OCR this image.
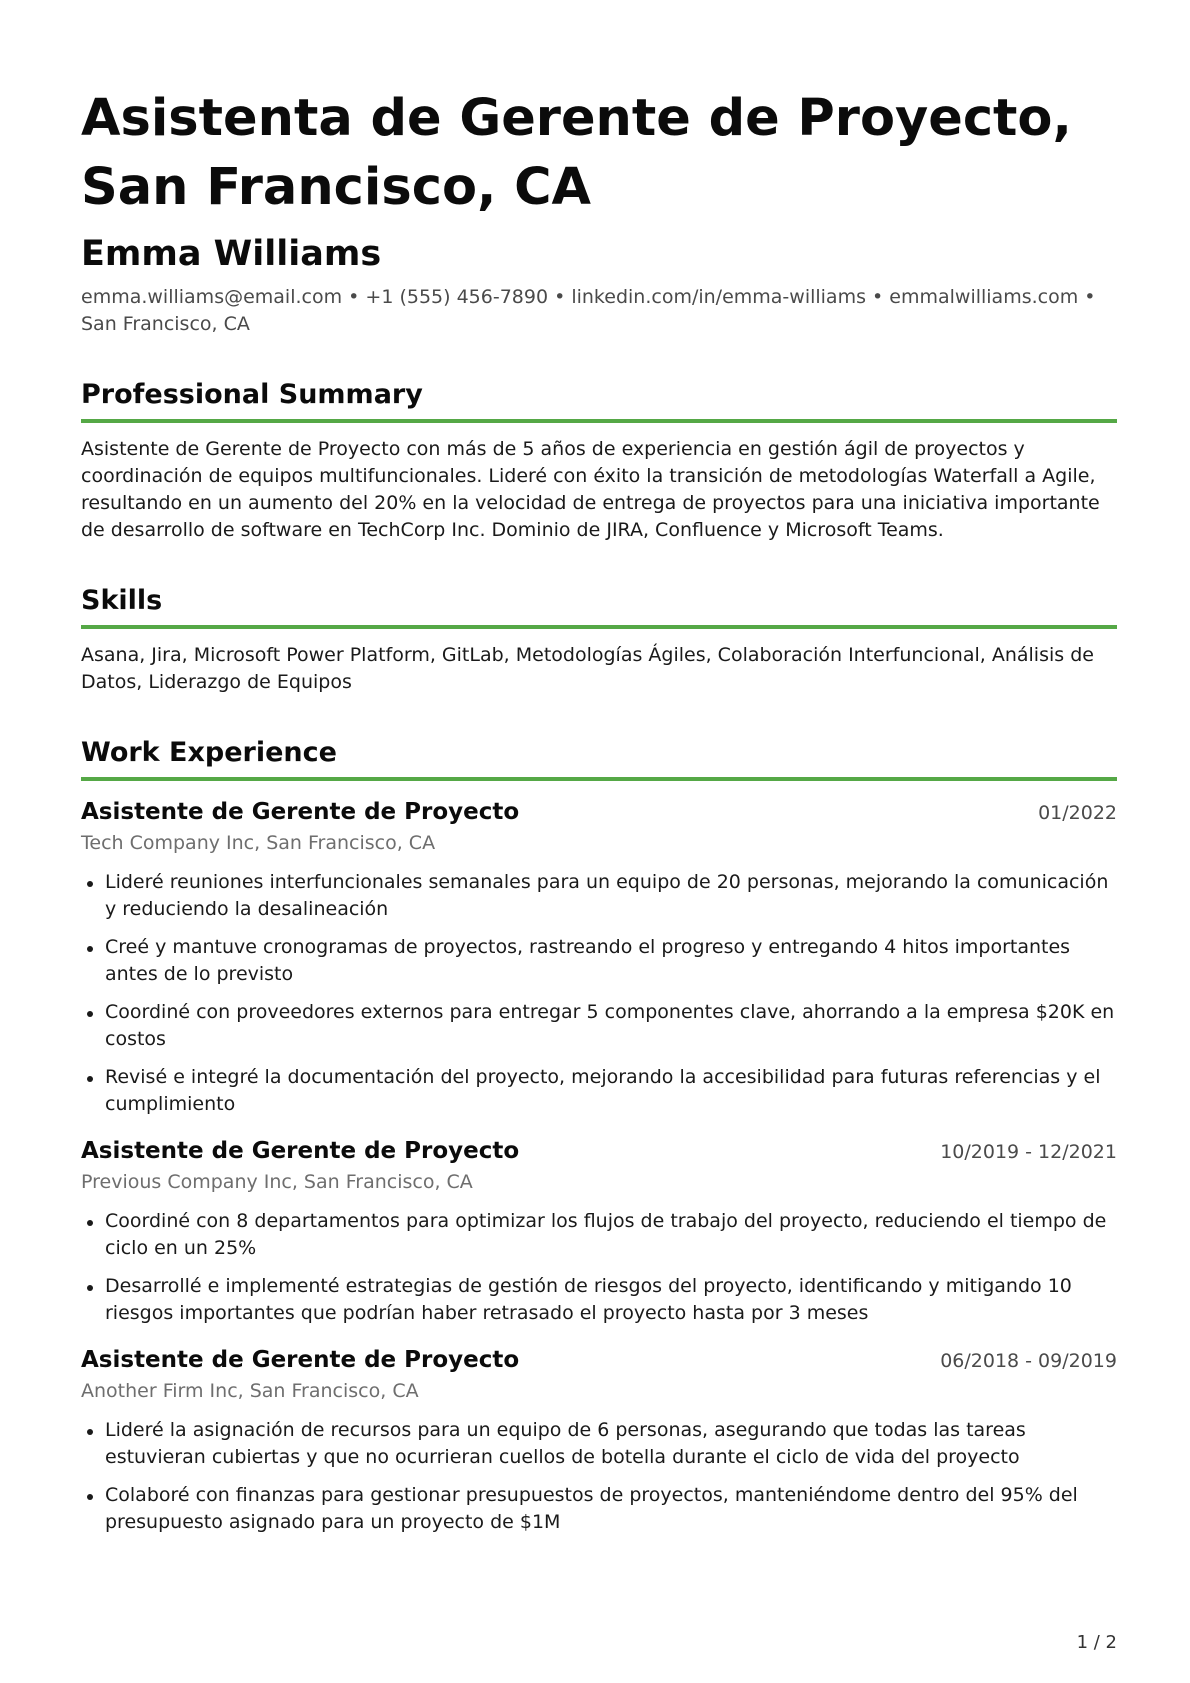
Asistenta de Gerente de Proyecto, San Francisco, CA
Emma Williams
emma.williams@email.com • +1 (555) 456-7890 • linkedin.com/in/emma-williams • emmalwilliams.com • San Francisco, CA
Professional Summary
Asistente de Gerente de Proyecto con más de 5 años de experiencia en gestión ágil de proyectos y coordinación de equipos multifuncionales. Lideré con éxito la transición de metodologías Waterfall a Agile, resultando en un aumento del 20% en la velocidad de entrega de proyectos para una iniciativa importante de desarrollo de software en TechCorp Inc. Dominio de JIRA, Confluence y Microsoft Teams.
Skills
Asana, Jira, Microsoft Power Platform, GitLab, Metodologías Ágiles, Colaboración Interfuncional, Análisis de Datos, Liderazgo de Equipos
Work Experience
Asistente de Gerente de Proyecto	01/2022
Tech Company Inc, San Francisco, CA
Lideré reuniones interfuncionales semanales para un equipo de 20 personas, mejorando la comunicación y reduciendo la desalineación
Creé y mantuve cronogramas de proyectos, rastreando el progreso y entregando 4 hitos importantes antes de lo previsto
Coordiné con proveedores externos para entregar 5 componentes clave, ahorrando a la empresa $20K en costos
Revisé e integré la documentación del proyecto, mejorando la accesibilidad para futuras referencias y el cumplimiento
Asistente de Gerente de Proyecto	10/2019 - 12/2021
Previous Company Inc, San Francisco, CA
Coordiné con 8 departamentos para optimizar los flujos de trabajo del proyecto, reduciendo el tiempo de ciclo en un 25%
Desarrollé e implementé estrategias de gestión de riesgos del proyecto, identificando y mitigando 10 riesgos importantes que podrían haber retrasado el proyecto hasta por 3 meses
Asistente de Gerente de Proyecto	06/2018 - 09/2019
Another Firm Inc, San Francisco, CA
Lideré la asignación de recursos para un equipo de 6 personas, asegurando que todas las tareas estuvieran cubiertas y que no ocurrieran cuellos de botella durante el ciclo de vida del proyecto
Colaboré con finanzas para gestionar presupuestos de proyectos, manteniéndome dentro del 95% del presupuesto asignado para un proyecto de $1M
1 / 2
